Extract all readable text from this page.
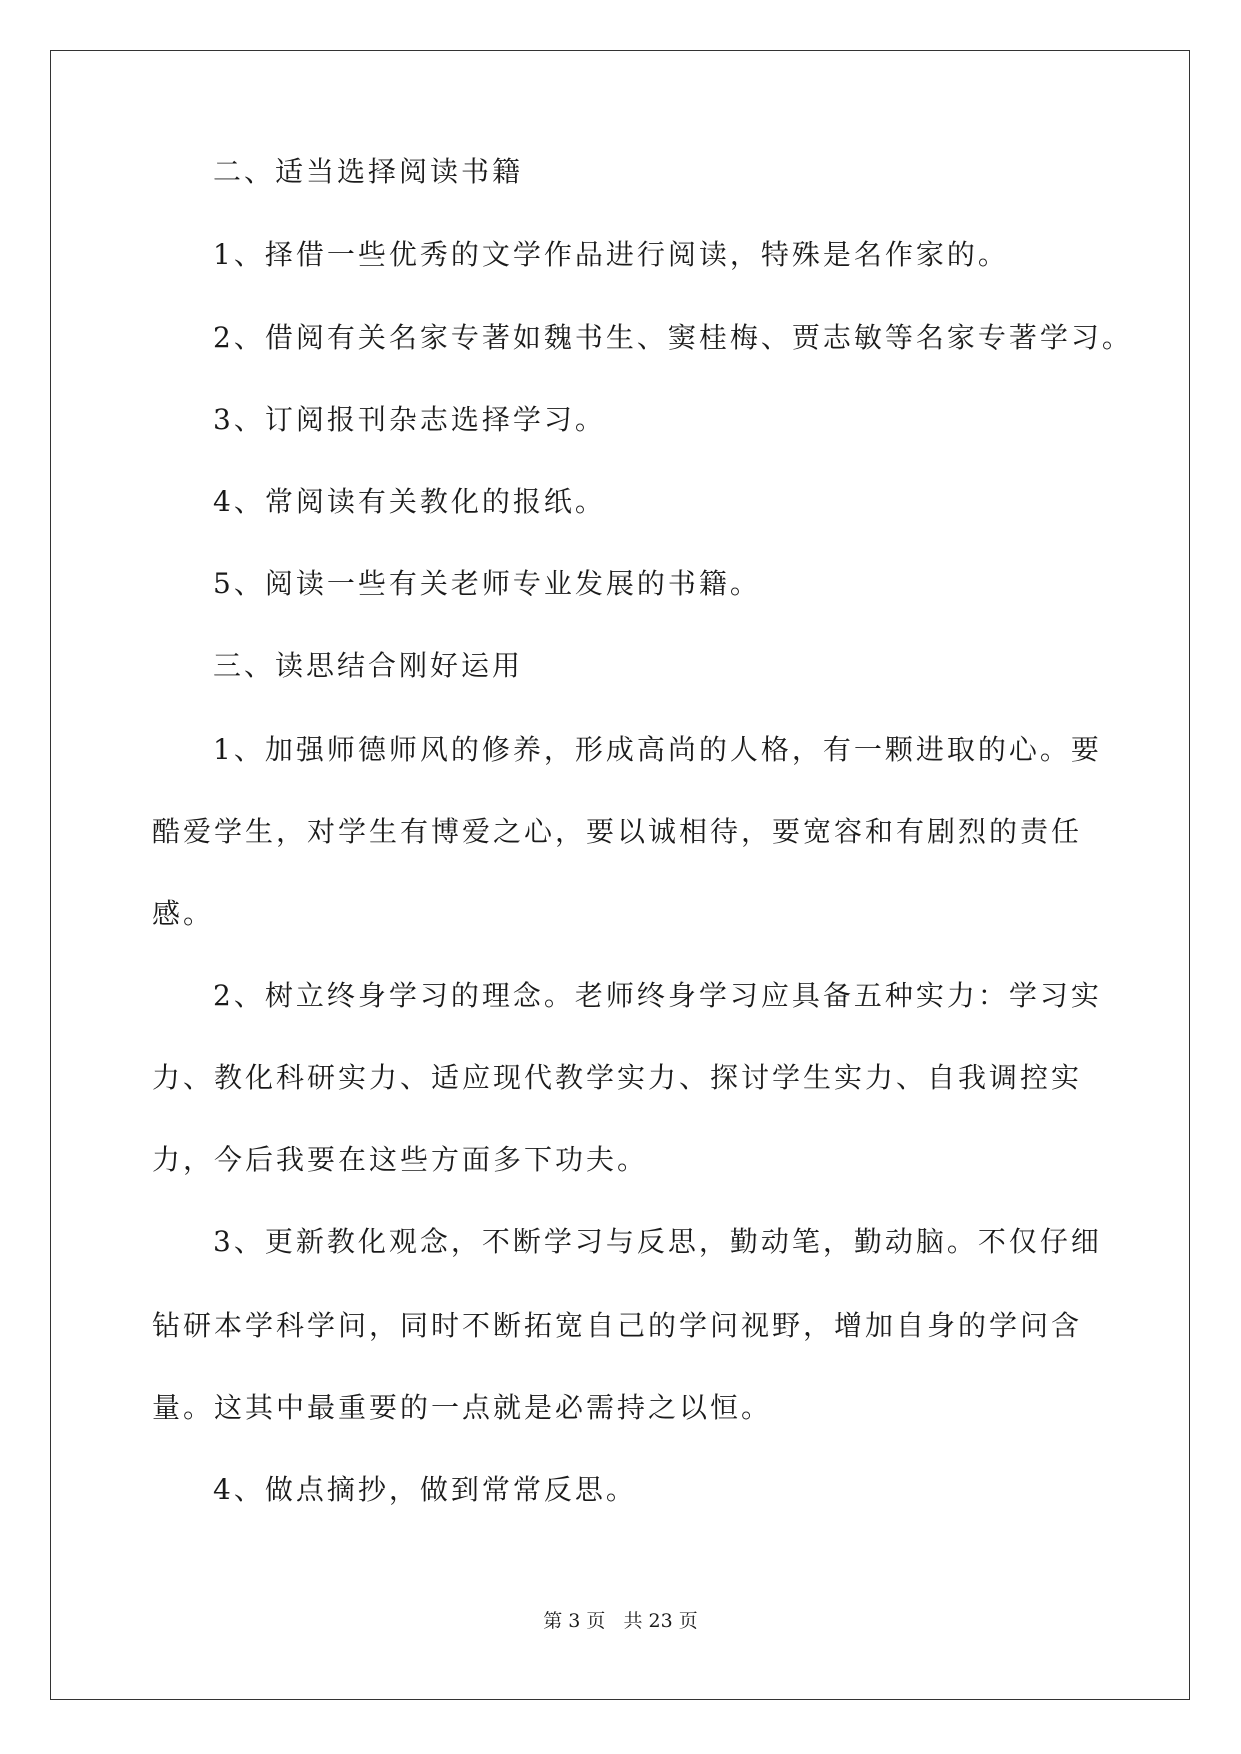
二、适当选择阅读书籍
1、择借一些优秀的文学作品进行阅读，特殊是名作家的。
2、借阅有关名家专著如魏书生、窦桂梅、贾志敏等名家专著学习。
3、订阅报刊杂志选择学习。
4、常阅读有关教化的报纸。
5、阅读一些有关老师专业发展的书籍。
三、读思结合刚好运用
1、加强师德师风的修养，形成高尚的人格，有一颗进取的心。要
酷爱学生，对学生有博爱之心，要以诚相待，要宽容和有剧烈的责任
感。
2、树立终身学习的理念。老师终身学习应具备五种实力：学习实
力、教化科研实力、适应现代教学实力、探讨学生实力、自我调控实
力，今后我要在这些方面多下功夫。
3、更新教化观念，不断学习与反思，勤动笔，勤动脑。不仅仔细
钻研本学科学问，同时不断拓宽自己的学问视野，增加自身的学问含
量。这其中最重要的一点就是必需持之以恒。
4、做点摘抄，做到常常反思。
第 3 页 共 23 页
